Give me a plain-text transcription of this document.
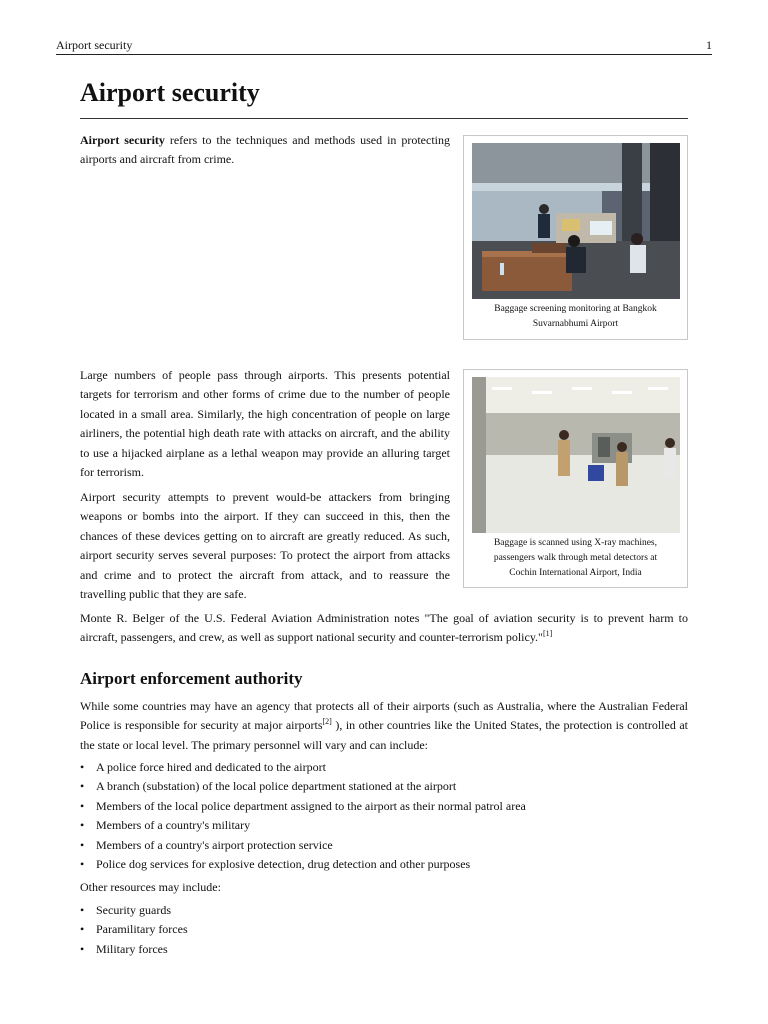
Airport security	1
Airport security

Airport security refers to the techniques and methods used in protecting airports and aircraft from crime.

Baggage screening monitoring at Bangkok
Suvarnabhumi Airport

Large numbers of people pass through airports. This presents potential targets for terrorism and other forms of crime due to the number of people located in a small area. Similarly, the high concentration of people on large airliners, the potential high death rate with attacks on aircraft, and the ability to use a hijacked airplane as a lethal weapon may provide an alluring target for terrorism.

Baggage is scanned using X-ray machines,
passengers walk through metal detectors at
Cochin International Airport, India

Airport security attempts to prevent would-be attackers from bringing weapons or bombs into the airport. If they can succeed in this, then the chances of these devices getting on to aircraft are greatly reduced. As such, airport security serves several purposes: To protect the airport from attacks and crime and to protect the aircraft from attack, and to reassure the travelling public that they are safe.

Monte R. Belger of the U.S. Federal Aviation Administration notes "The goal of aviation security is to prevent harm to aircraft, passengers, and crew, as well as support national security and counter-terrorism policy."[1]

Airport enforcement authority

While some countries may have an agency that protects all of their airports (such as Australia, where the Australian Federal Police is responsible for security at major airports[2] ), in other countries like the United States, the protection is controlled at the state or local level. The primary personnel will vary and can include:

• A police force hired and dedicated to the airport
• A branch (substation) of the local police department stationed at the airport
• Members of the local police department assigned to the airport as their normal patrol area
• Members of a country's military
• Members of a country's airport protection service
• Police dog services for explosive detection, drug detection and other purposes

Other resources may include:

• Security guards
• Paramilitary forces
• Military forces
